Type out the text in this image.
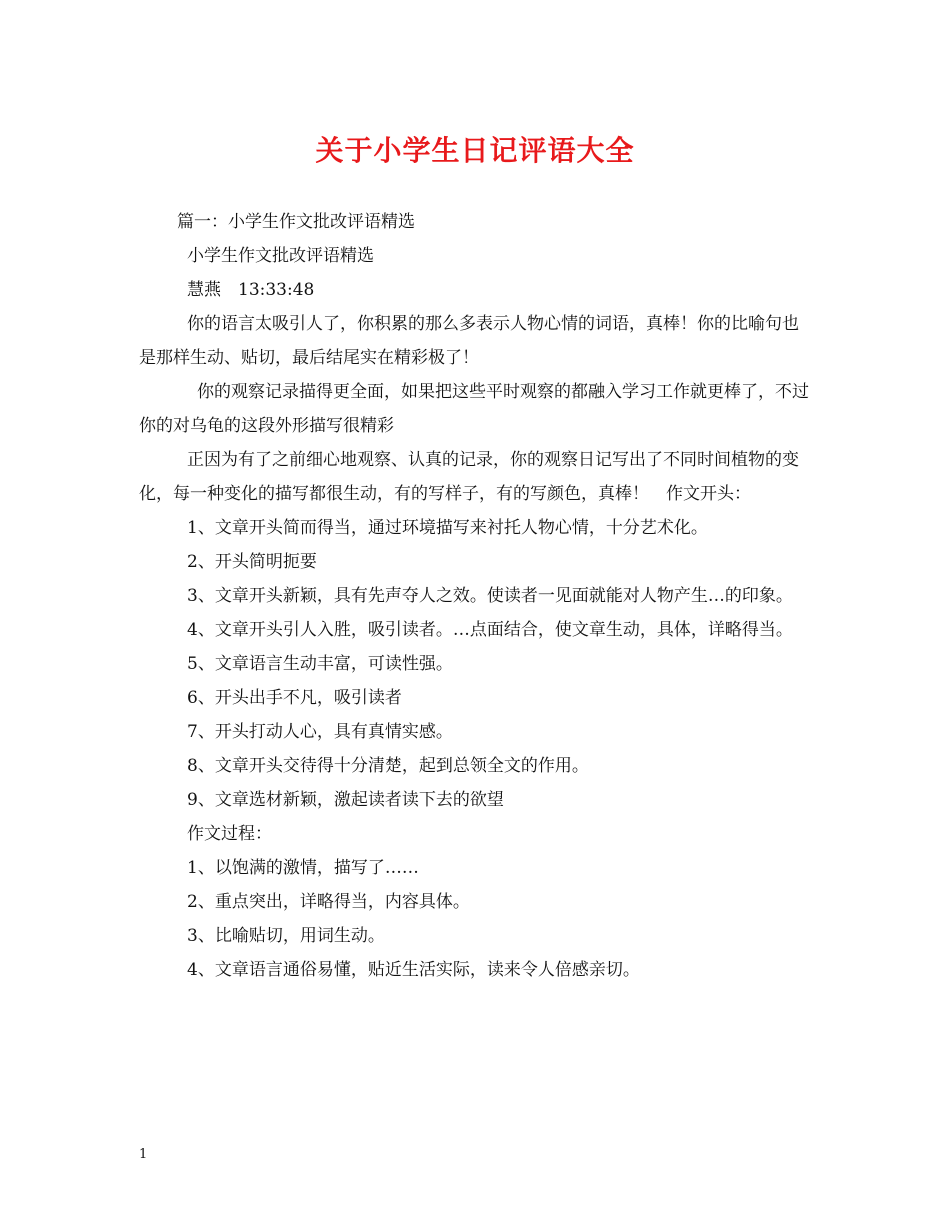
关于小学生日记评语大全

篇一：小学生作文批改评语精选

小学生作文批改评语精选

慧燕　13:33:48

你的语言太吸引人了，你积累的那么多表示人物心情的词语，真棒！你的比喻句也是那样生动、贴切，最后结尾实在精彩极了！

你的观察记录描得更全面，如果把这些平时观察的都融入学习工作就更棒了，不过你的对乌龟的这段外形描写很精彩

正因为有了之前细心地观察、认真的记录，你的观察日记写出了不同时间植物的变化，每一种变化的描写都很生动，有的写样子，有的写颜色，真棒！　作文开头：

1、文章开头简而得当，通过环境描写来衬托人物心情，十分艺术化。

2、开头简明扼要

3、文章开头新颖，具有先声夺人之效。使读者一见面就能对人物产生…的印象。

4、文章开头引人入胜，吸引读者。…点面结合，使文章生动，具体，详略得当。

5、文章语言生动丰富，可读性强。

6、开头出手不凡，吸引读者

7、开头打动人心，具有真情实感。

8、文章开头交待得十分清楚，起到总领全文的作用。

9、文章选材新颖，激起读者读下去的欲望

作文过程：

1、以饱满的激情，描写了……

2、重点突出，详略得当，内容具体。

3、比喻贴切，用词生动。

4、文章语言通俗易懂，贴近生活实际，读来令人倍感亲切。

1
